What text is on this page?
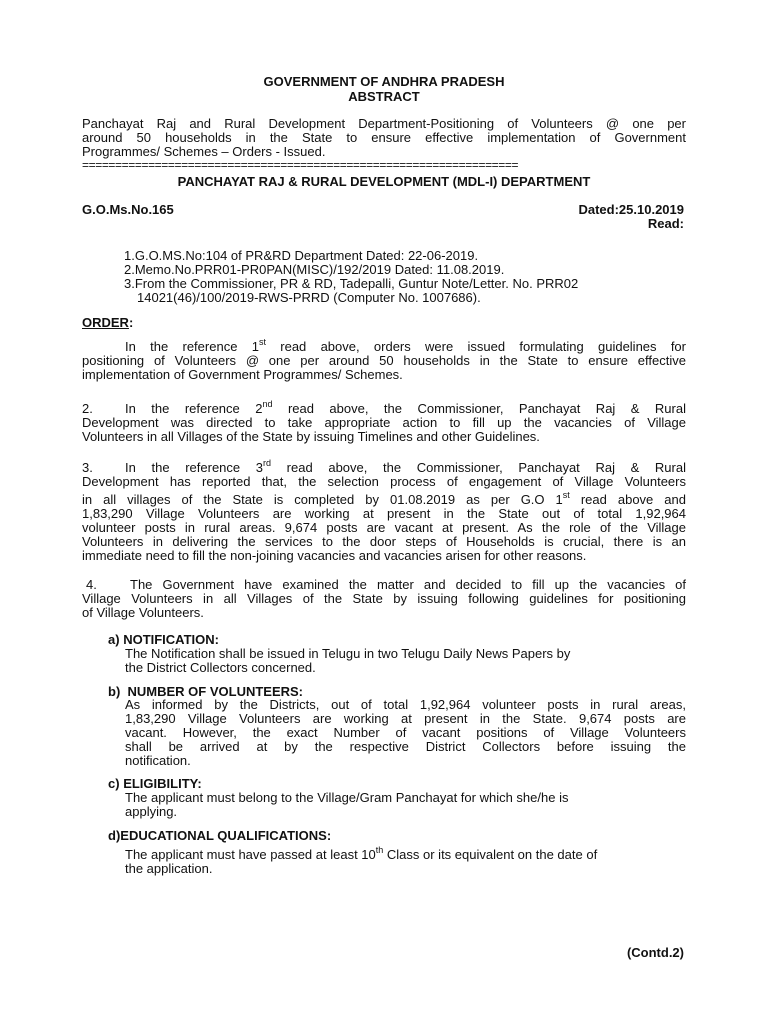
GOVERNMENT OF ANDHRA PRADESH
ABSTRACT
Panchayat Raj and Rural Development Department-Positioning of Volunteers @ one per
around 50 households in the State to ensure effective implementation of Government
Programmes/ Schemes – Orders - Issued.
==================================================================
PANCHAYAT RAJ & RURAL DEVELOPMENT (MDL-I) DEPARTMENT
G.O.Ms.No.165	Dated:25.10.2019
Read:
1.G.O.MS.No:104 of PR&RD Department Dated: 22-06-2019.
2.Memo.No.PRR01-PR0PAN(MISC)/192/2019 Dated: 11.08.2019.
3.From the Commissioner, PR & RD, Tadepalli, Guntur Note/Letter. No. PRR02
14021(46)/100/2019-RWS-PRRD (Computer No. 1007686).
ORDER:
In the reference 1st read above, orders were issued formulating guidelines for
positioning of Volunteers @ one per around 50 households in the State to ensure effective
implementation of Government Programmes/ Schemes.
2. In the reference 2nd read above, the Commissioner, Panchayat Raj & Rural
Development was directed to take appropriate action to fill up the vacancies of Village
Volunteers in all Villages of the State by issuing Timelines and other Guidelines.
3. In the reference 3rd read above, the Commissioner, Panchayat Raj & Rural
Development has reported that, the selection process of engagement of Village Volunteers
in all villages of the State is completed by 01.08.2019 as per G.O 1st read above and
1,83,290 Village Volunteers are working at present in the State out of total 1,92,964
volunteer posts in rural areas. 9,674 posts are vacant at present. As the role of the Village
Volunteers in delivering the services to the door steps of Households is crucial, there is an
immediate need to fill the non-joining vacancies and vacancies arisen for other reasons.
4.	The Government have examined the matter and decided to fill up the vacancies of
Village Volunteers in all Villages of the State by issuing following guidelines for positioning
of Village Volunteers.
a) NOTIFICATION:
The Notification shall be issued in Telugu in two Telugu Daily News Papers by
the District Collectors concerned.
b) NUMBER OF VOLUNTEERS:
As informed by the Districts, out of total 1,92,964 volunteer posts in rural areas,
1,83,290 Village Volunteers are working at present in the State. 9,674 posts are
vacant. However, the exact Number of vacant positions of Village Volunteers
shall be arrived at by the respective District Collectors before issuing the
notification.
c) ELIGIBILITY:
The applicant must belong to the Village/Gram Panchayat for which she/he is
applying.
d)EDUCATIONAL QUALIFICATIONS:
The applicant must have passed at least 10th Class or its equivalent on the date of
the application.
(Contd.2)
